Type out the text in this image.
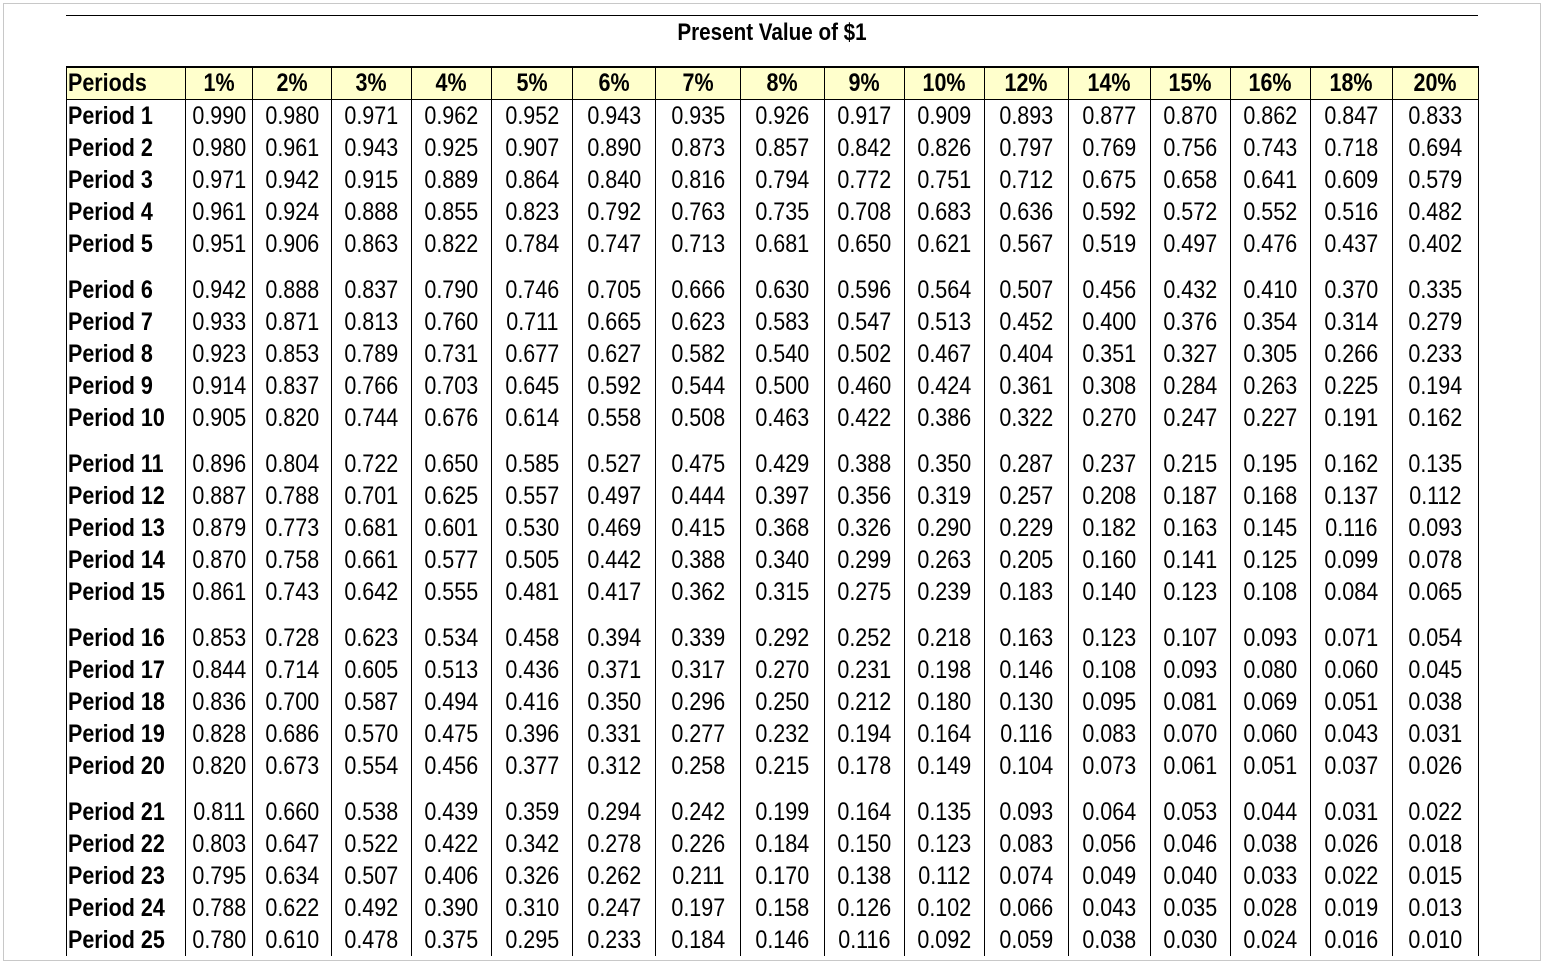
Present Value of $1
Periods	1%	2%	3%	4%	5%	6%	7%	8%	9%	10%	12%	14%	15%	16%	18%	20%
Period 1	0.990	0.980	0.971	0.962	0.952	0.943	0.935	0.926	0.917	0.909	0.893	0.877	0.870	0.862	0.847	0.833
Period 2	0.980	0.961	0.943	0.925	0.907	0.890	0.873	0.857	0.842	0.826	0.797	0.769	0.756	0.743	0.718	0.694
Period 3	0.971	0.942	0.915	0.889	0.864	0.840	0.816	0.794	0.772	0.751	0.712	0.675	0.658	0.641	0.609	0.579
Period 4	0.961	0.924	0.888	0.855	0.823	0.792	0.763	0.735	0.708	0.683	0.636	0.592	0.572	0.552	0.516	0.482
Period 5	0.951	0.906	0.863	0.822	0.784	0.747	0.713	0.681	0.650	0.621	0.567	0.519	0.497	0.476	0.437	0.402

Period 6	0.942	0.888	0.837	0.790	0.746	0.705	0.666	0.630	0.596	0.564	0.507	0.456	0.432	0.410	0.370	0.335
Period 7	0.933	0.871	0.813	0.760	0.711	0.665	0.623	0.583	0.547	0.513	0.452	0.400	0.376	0.354	0.314	0.279
Period 8	0.923	0.853	0.789	0.731	0.677	0.627	0.582	0.540	0.502	0.467	0.404	0.351	0.327	0.305	0.266	0.233
Period 9	0.914	0.837	0.766	0.703	0.645	0.592	0.544	0.500	0.460	0.424	0.361	0.308	0.284	0.263	0.225	0.194
Period 10	0.905	0.820	0.744	0.676	0.614	0.558	0.508	0.463	0.422	0.386	0.322	0.270	0.247	0.227	0.191	0.162

Period 11	0.896	0.804	0.722	0.650	0.585	0.527	0.475	0.429	0.388	0.350	0.287	0.237	0.215	0.195	0.162	0.135
Period 12	0.887	0.788	0.701	0.625	0.557	0.497	0.444	0.397	0.356	0.319	0.257	0.208	0.187	0.168	0.137	0.112
Period 13	0.879	0.773	0.681	0.601	0.530	0.469	0.415	0.368	0.326	0.290	0.229	0.182	0.163	0.145	0.116	0.093
Period 14	0.870	0.758	0.661	0.577	0.505	0.442	0.388	0.340	0.299	0.263	0.205	0.160	0.141	0.125	0.099	0.078
Period 15	0.861	0.743	0.642	0.555	0.481	0.417	0.362	0.315	0.275	0.239	0.183	0.140	0.123	0.108	0.084	0.065

Period 16	0.853	0.728	0.623	0.534	0.458	0.394	0.339	0.292	0.252	0.218	0.163	0.123	0.107	0.093	0.071	0.054
Period 17	0.844	0.714	0.605	0.513	0.436	0.371	0.317	0.270	0.231	0.198	0.146	0.108	0.093	0.080	0.060	0.045
Period 18	0.836	0.700	0.587	0.494	0.416	0.350	0.296	0.250	0.212	0.180	0.130	0.095	0.081	0.069	0.051	0.038
Period 19	0.828	0.686	0.570	0.475	0.396	0.331	0.277	0.232	0.194	0.164	0.116	0.083	0.070	0.060	0.043	0.031
Period 20	0.820	0.673	0.554	0.456	0.377	0.312	0.258	0.215	0.178	0.149	0.104	0.073	0.061	0.051	0.037	0.026

Period 21	0.811	0.660	0.538	0.439	0.359	0.294	0.242	0.199	0.164	0.135	0.093	0.064	0.053	0.044	0.031	0.022
Period 22	0.803	0.647	0.522	0.422	0.342	0.278	0.226	0.184	0.150	0.123	0.083	0.056	0.046	0.038	0.026	0.018
Period 23	0.795	0.634	0.507	0.406	0.326	0.262	0.211	0.170	0.138	0.112	0.074	0.049	0.040	0.033	0.022	0.015
Period 24	0.788	0.622	0.492	0.390	0.310	0.247	0.197	0.158	0.126	0.102	0.066	0.043	0.035	0.028	0.019	0.013
Period 25	0.780	0.610	0.478	0.375	0.295	0.233	0.184	0.146	0.116	0.092	0.059	0.038	0.030	0.024	0.016	0.010
